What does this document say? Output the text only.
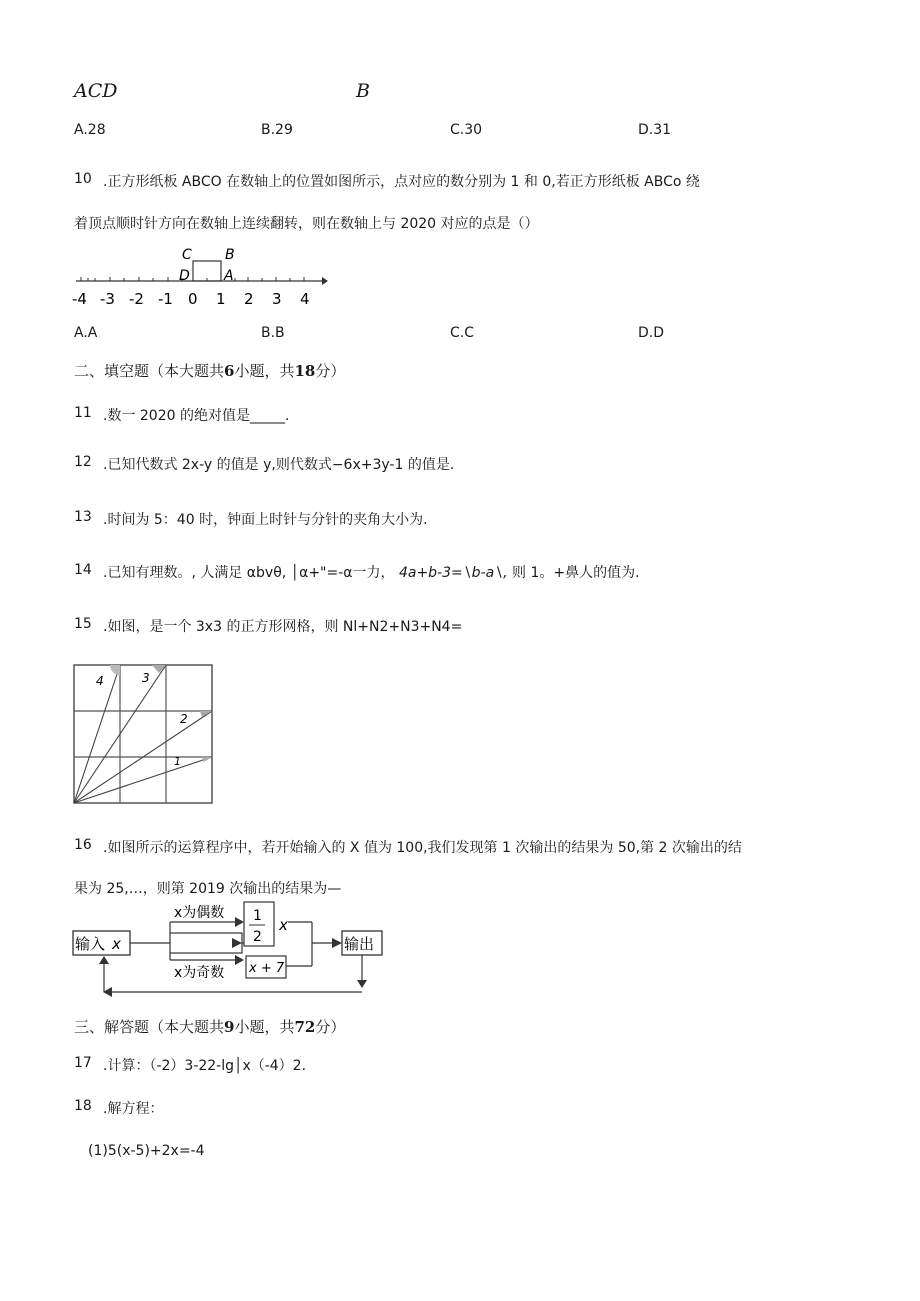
ACD	B
A.28	B.29	C.30	D.31
10 .正方形纸板 ABCO 在数轴上的位置如图所示，点对应的数分别为 1 和 0,若正方形纸板 ABCo 绕
着顶点顺时针方向在数轴上连续翻转，则在数轴上与 2020 对应的点是（）
C B
D A
-4 -3 -2 -1 0 1 2 3 4
A.A	B.B	C.C	D.D
二、填空题（本大题共6小题，共18分）
11 .数一 2020 的绝对值是_____.
12 .已知代数式 2x-y 的值是 y,则代数式−6x+3y-1 的值是.
13 .时间为 5：40 时，钟面上时针与分针的夹角大小为.
14 .已知有理数。, 人满足 αbvθ, │α+"=-α一力， 4a+b-3=∖b-a∖, 则 1。+鼻人的值为.
15 .如图，是一个 3x3 的正方形网格，则 Nl+N2+N3+N4=
4	3
2
1
16 .如图所示的运算程序中，若开始输入的 X 值为 100,我们发现第 1 次输出的结果为 50,第 2 次输出的结
果为 25,…，则第 2019 次输出的结果为—
输入 x
x为偶数
x为奇数
1
2
x
x + 7
输出
三、解答题（本大题共9小题，共72分）
17 .计算：（-2）3-22-lg│x（-4）2.
18 .解方程：
(1)5(x-5)+2x=-4
